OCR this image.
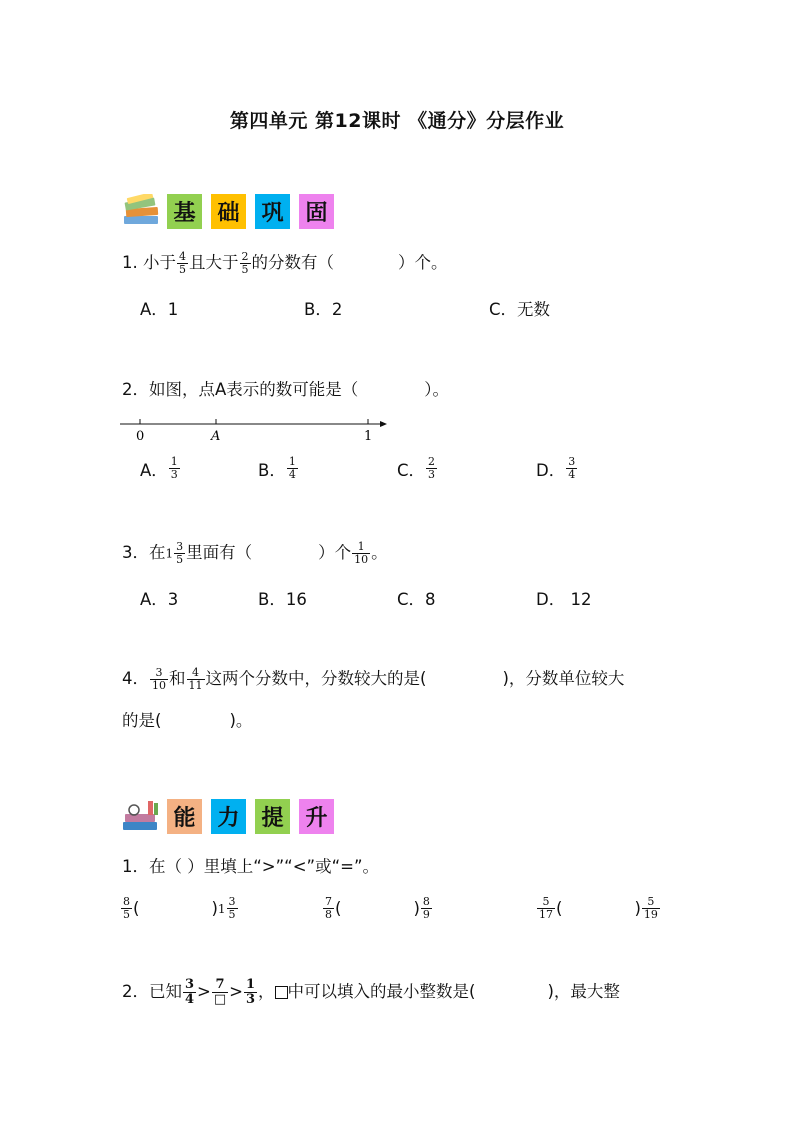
第四单元 第12课时 《通分》分层作业
基 础 巩 固
1. 小于 $\frac{4}{5}$ 且大于 $\frac{2}{5}$ 的分数有（	）个。
A．1	B．2	C．无数
2．如图，点A表示的数可能是（	）。
0	A	1
A． $\frac{1}{3}$	B． $\frac{1}{4}$	C． $\frac{2}{3}$	D． $\frac{3}{4}$
3．在$1 \frac{3}{5}$ 里面有（	）个 $\frac{1}{10}$ 。
A．3	B．16	C．8	D． 12
4． $\frac{3}{10}$ 和 $\frac{4}{11}$ 这两个分数中，分数较大的是(	)，分数单位较大
的是(	)。
能 力 提 升
1．在（ ）里填上“>”“<”或“=”。
$\frac{8}{5}$ (	) $1 \frac{3}{5}$	$\frac{7}{8}$ (	) $\frac{8}{9}$	$\frac{5}{17}$ (	) $\frac{5}{19}$
2．已知 $\frac{3}{4} > \frac{7}{□} > \frac{1}{3}$ ， 中可以填入的最小整数是(	)，最大整
